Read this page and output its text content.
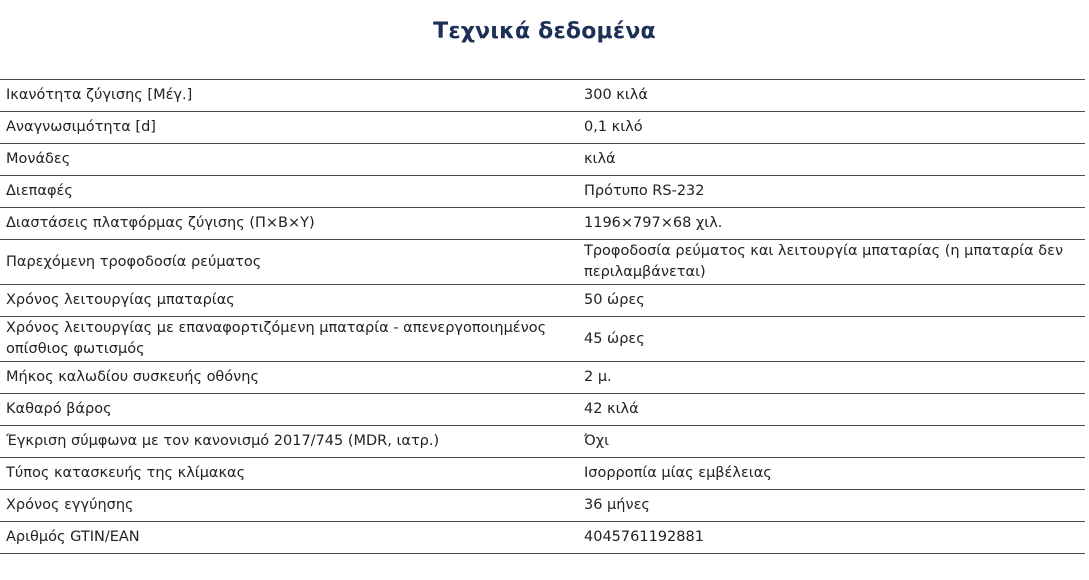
Τεχνικά δεδομένα
Ικανότητα ζύγισης [Μέγ.]	300 κιλά
Αναγνωσιμότητα [d]	0,1 κιλό
Μονάδες	κιλά
Διεπαφές	Πρότυπο RS-232
Διαστάσεις πλατφόρμας ζύγισης (Π×Β×Υ)	1196×797×68 χιλ.
Παρεχόμενη τροφοδοσία ρεύματος	Τροφοδοσία ρεύματος και λειτουργία μπαταρίας (η μπαταρία δεν περιλαμβάνεται)
Χρόνος λειτουργίας μπαταρίας	50 ώρες
Χρόνος λειτουργίας με επαναφορτιζόμενη μπαταρία - απενεργοποιημένος οπίσθιος φωτισμός	45 ώρες
Μήκος καλωδίου συσκευής οθόνης	2 μ.
Καθαρό βάρος	42 κιλά
Έγκριση σύμφωνα με τον κανονισμό 2017/745 (MDR, ιατρ.)	Όχι
Τύπος κατασκευής της κλίμακας	Ισορροπία μίας εμβέλειας
Χρόνος εγγύησης	36 μήνες
Αριθμός GTIN/EAN	4045761192881
